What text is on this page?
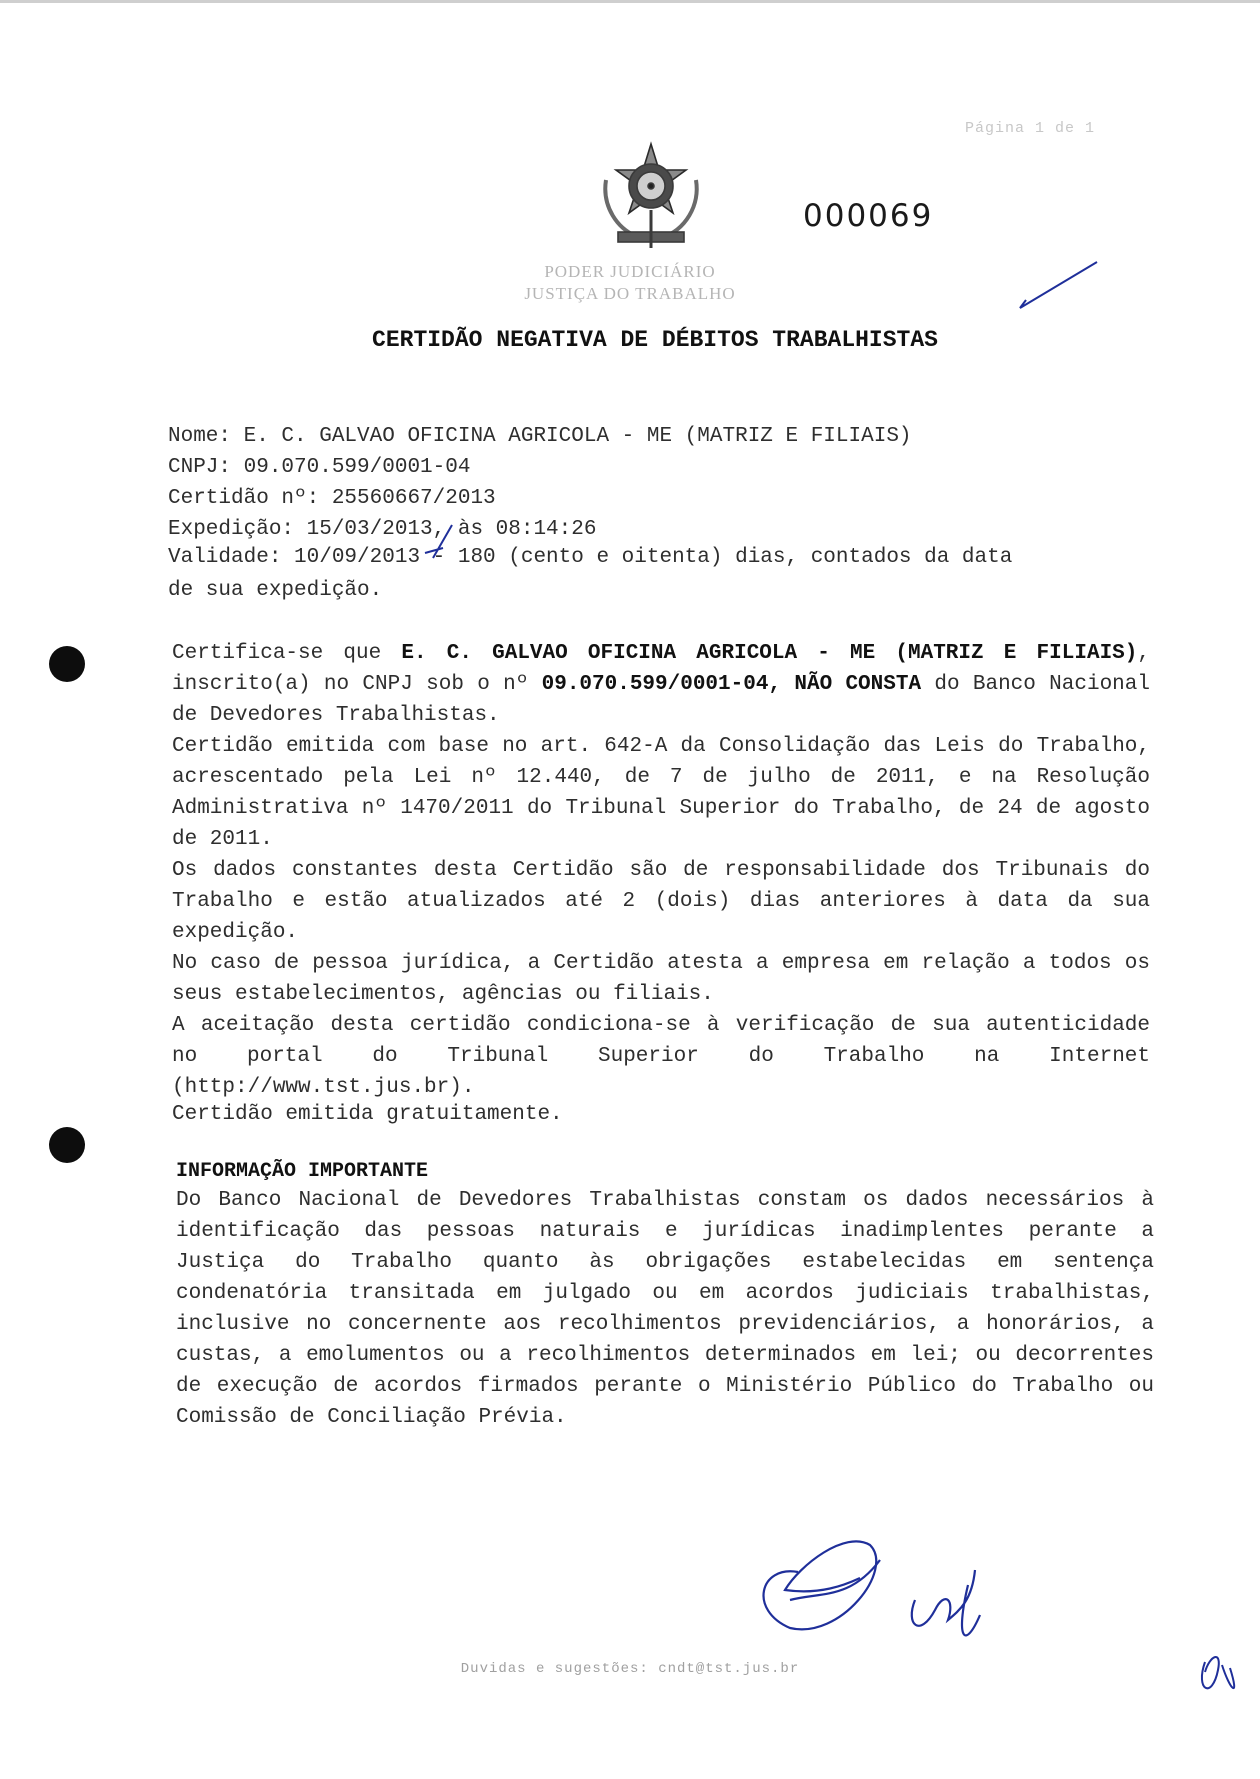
Página 1 de 1
000069
PODER JUDICIÁRIO
JUSTIÇA DO TRABALHO
CERTIDÃO NEGATIVA DE DÉBITOS TRABALHISTAS
Nome: E. C. GALVAO OFICINA AGRICOLA - ME (MATRIZ E FILIAIS)
CNPJ: 09.070.599/0001-04
Certidão nº: 25560667/2013
Expedição: 15/03/2013, às 08:14:26
Validade: 10/09/2013 - 180 (cento e oitenta) dias, contados da data
de sua expedição.
Certifica-se que E. C. GALVAO OFICINA AGRICOLA - ME (MATRIZ E FILIAIS), inscrito(a) no CNPJ sob o nº 09.070.599/0001-04, NÃO CONSTA do Banco Nacional de Devedores Trabalhistas.
Certidão emitida com base no art. 642-A da Consolidação das Leis do Trabalho, acrescentado pela Lei nº 12.440, de 7 de julho de 2011, e na Resolução Administrativa nº 1470/2011 do Tribunal Superior do Trabalho, de 24 de agosto de 2011.
Os dados constantes desta Certidão são de responsabilidade dos Tribunais do Trabalho e estão atualizados até 2 (dois) dias anteriores à data da sua expedição.
No caso de pessoa jurídica, a Certidão atesta a empresa em relação a todos os seus estabelecimentos, agências ou filiais.
A aceitação desta certidão condiciona-se à verificação de sua autenticidade no portal do Tribunal Superior do Trabalho na Internet (http://www.tst.jus.br).
Certidão emitida gratuitamente.
INFORMAÇÃO IMPORTANTE
Do Banco Nacional de Devedores Trabalhistas constam os dados necessários à identificação das pessoas naturais e jurídicas inadimplentes perante a Justiça do Trabalho quanto às obrigações estabelecidas em sentença condenatória transitada em julgado ou em acordos judiciais trabalhistas, inclusive no concernente aos recolhimentos previdenciários, a honorários, a custas, a emolumentos ou a recolhimentos determinados em lei; ou decorrentes de execução de acordos firmados perante o Ministério Público do Trabalho ou Comissão de Conciliação Prévia.
Duvidas e sugestões: cndt@tst.jus.br
